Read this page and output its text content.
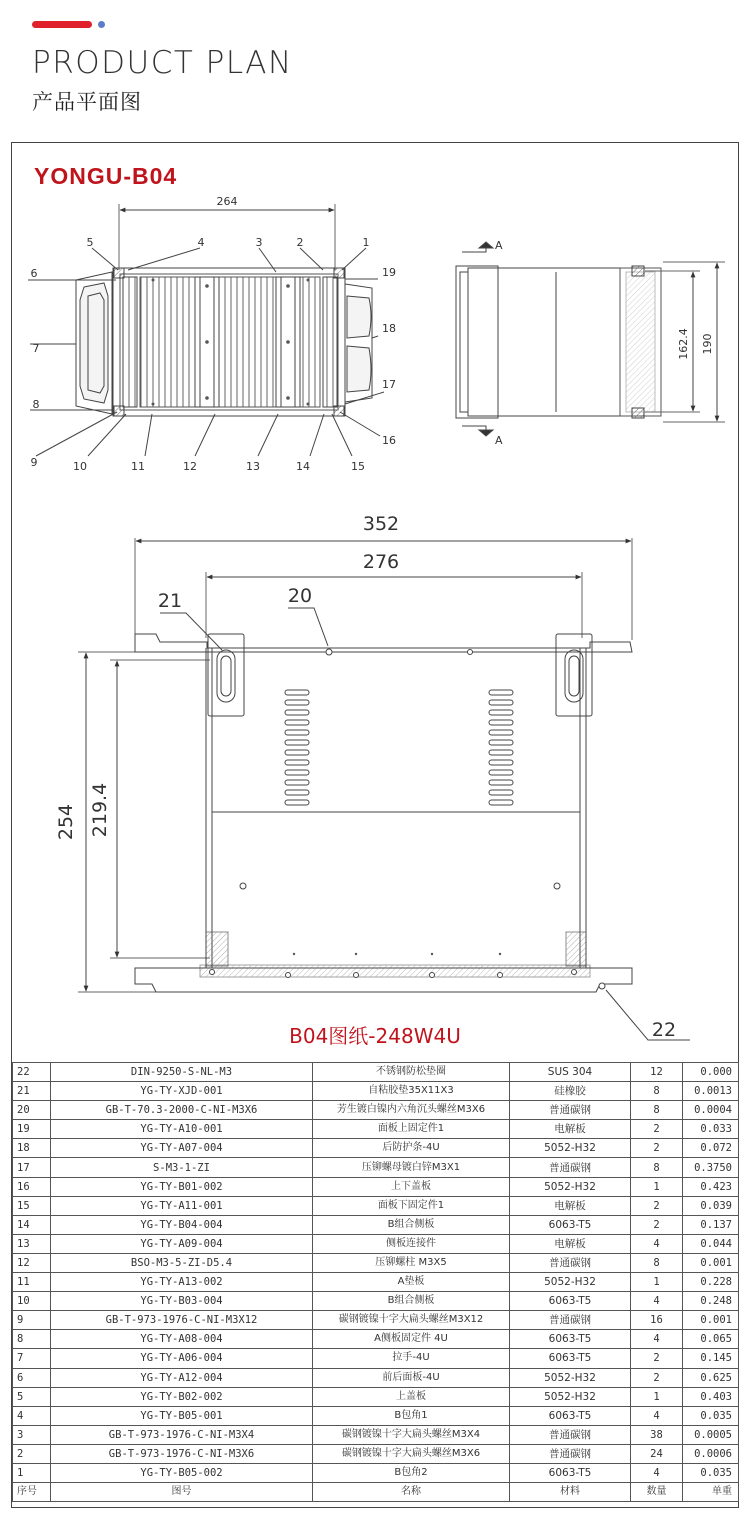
PRODUCT PLAN
产品平面图
YONGU-B04
264
1
2
3
4
5
6
7
8
9	10	11	12	13	14	15
16
17
18
19
A
A
162.4 190
352
276
254 219.4
20
21
22
B04图纸-248W4U
22	DIN-9250-S-NL-M3	不锈钢防松垫圈	SUS 304	12	0.000
21	YG-TY-XJD-001	自粘胶垫35X11X3	硅橡胶	8	0.0013
20	GB-T-70.3-2000-C-NI-M3X6	芳生镀白镍内六角沉头螺丝M3X6	普通碳钢	8	0.0004
19	YG-TY-A10-001	面板上固定件1	电解板	2	0.033
18	YG-TY-A07-004	后防护条-4U	5052-H32	2	0.072
17	S-M3-1-ZI	压铆螺母镀白锌M3X1	普通碳钢	8	0.3750
16	YG-TY-B01-002	上下盖板	5052-H32	1	0.423
15	YG-TY-A11-001	面板下固定件1	电解板	2	0.039
14	YG-TY-B04-004	B组合侧板	6063-T5	2	0.137
13	YG-TY-A09-004	侧板连接件	电解板	4	0.044
12	BSO-M3-5-ZI-D5.4	压铆螺柱 M3X5	普通碳钢	8	0.001
11	YG-TY-A13-002	A垫板	5052-H32	1	0.228
10	YG-TY-B03-004	B组合侧板	6063-T5	4	0.248
9	GB-T-973-1976-C-NI-M3X12	碳钢镀镍十字大扁头螺丝M3X12	普通碳钢	16	0.001
8	YG-TY-A08-004	A侧板固定件 4U	6063-T5	4	0.065
7	YG-TY-A06-004	拉手-4U	6063-T5	2	0.145
6	YG-TY-A12-004	前后面板-4U	5052-H32	2	0.625
5	YG-TY-B02-002	上盖板	5052-H32	1	0.403
4	YG-TY-B05-001	B包角1	6063-T5	4	0.035
3	GB-T-973-1976-C-NI-M3X4	碳钢镀镍十字大扁头螺丝M3X4	普通碳钢	38	0.0005
2	GB-T-973-1976-C-NI-M3X6	碳钢镀镍十字大扁头螺丝M3X6	普通碳钢	24	0.0006
1	YG-TY-B05-002	B包角2	6063-T5	4	0.035
序号	图号	名称	材料	数量	单重
